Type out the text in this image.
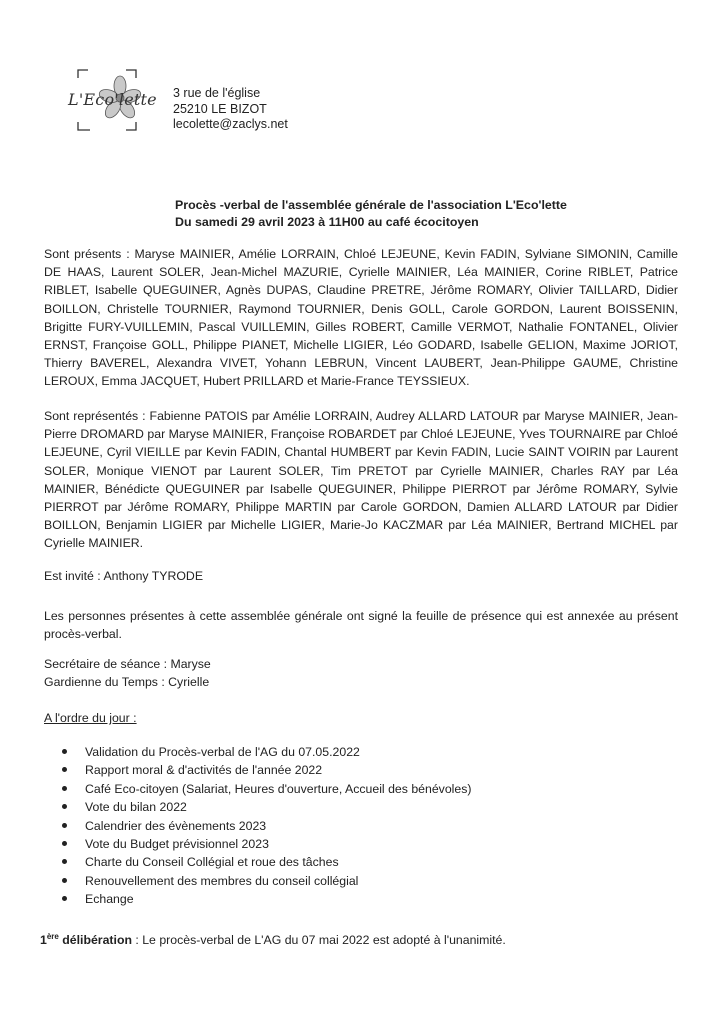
L'Eco'lette 3 rue de l'église
25210 LE BIZOT
lecolette@zaclys.net
Procès -verbal de l'assemblée générale de l'association L'Eco'lette
Du samedi 29 avril 2023 à 11H00 au café écocitoyen
Sont présents : Maryse MAINIER, Amélie LORRAIN, Chloé LEJEUNE, Kevin FADIN, Sylviane SIMONIN, Camille DE HAAS, Laurent SOLER, Jean-Michel MAZURIE, Cyrielle MAINIER, Léa MAINIER, Corine RIBLET, Patrice RIBLET, Isabelle QUEGUINER, Agnès DUPAS, Claudine PRETRE, Jérôme ROMARY, Olivier TAILLARD, Didier BOILLON, Christelle TOURNIER, Raymond TOURNIER, Denis GOLL, Carole GORDON, Laurent BOISSENIN, Brigitte FURY-VUILLEMIN, Pascal VUILLEMIN, Gilles ROBERT, Camille VERMOT, Nathalie FONTANEL, Olivier ERNST, Françoise GOLL, Philippe PIANET, Michelle LIGIER, Léo GODARD, Isabelle GELION, Maxime JORIOT, Thierry BAVEREL, Alexandra VIVET, Yohann LEBRUN, Vincent LAUBERT, Jean-Philippe GAUME, Christine LEROUX, Emma JACQUET, Hubert PRILLARD et Marie-France TEYSSIEUX.
Sont représentés : Fabienne PATOIS par Amélie LORRAIN, Audrey ALLARD LATOUR par Maryse MAINIER, Jean-Pierre DROMARD par Maryse MAINIER, Françoise ROBARDET par Chloé LEJEUNE, Yves TOURNAIRE par Chloé LEJEUNE, Cyril VIEILLE par Kevin FADIN, Chantal HUMBERT par Kevin FADIN, Lucie SAINT VOIRIN par Laurent SOLER, Monique VIENOT par Laurent SOLER, Tim PRETOT par Cyrielle MAINIER, Charles RAY par Léa MAINIER, Bénédicte QUEGUINER par Isabelle QUEGUINER, Philippe PIERROT par Jérôme ROMARY, Sylvie PIERROT par Jérôme ROMARY, Philippe MARTIN par Carole GORDON, Damien ALLARD LATOUR par Didier BOILLON, Benjamin LIGIER par Michelle LIGIER, Marie-Jo KACZMAR par Léa MAINIER, Bertrand MICHEL par Cyrielle MAINIER.
Est invité : Anthony TYRODE
Les personnes présentes à cette assemblée générale ont signé la feuille de présence qui est annexée au présent procès-verbal.
Secrétaire de séance : Maryse
Gardienne du Temps : Cyrielle
A l'ordre du jour :
Validation du Procès-verbal de l'AG du 07.05.2022
Rapport moral & d'activités de l'année 2022
Café Eco-citoyen (Salariat, Heures d'ouverture, Accueil des bénévoles)
Vote du bilan 2022
Calendrier des évènements 2023
Vote du Budget prévisionnel 2023
Charte du Conseil Collégial et roue des tâches
Renouvellement des membres du conseil collégial
Echange
1ère délibération : Le procès-verbal de L'AG du 07 mai 2022 est adopté à l'unanimité.
